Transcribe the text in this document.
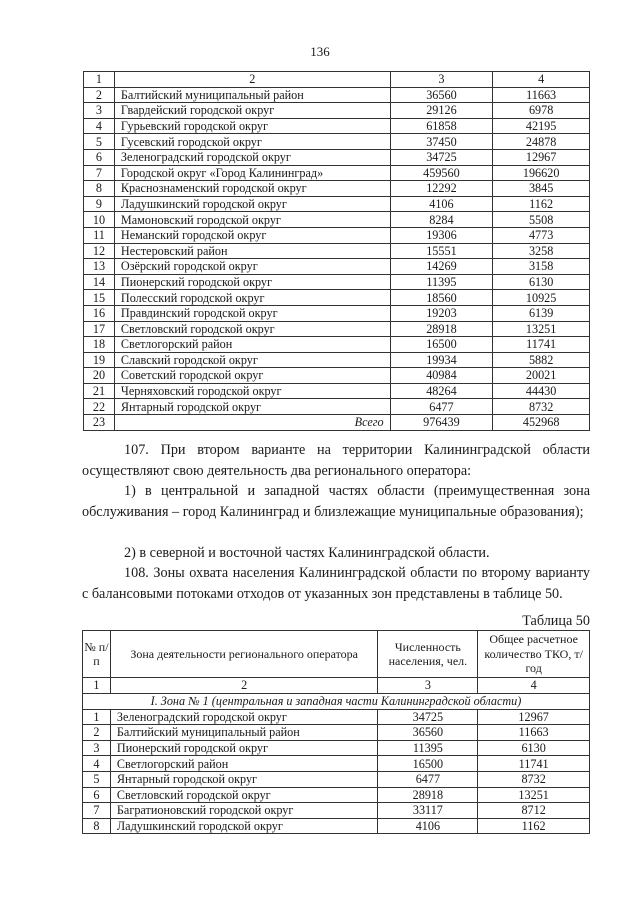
136
1	2	3	4
2	Балтийский муниципальный район	36560	11663
3	Гвардейский городской округ	29126	6978
4	Гурьевский городской округ	61858	42195
5	Гусевский городской округ	37450	24878
6	Зеленоградский городской округ	34725	12967
7	Городской округ «Город Калининград»	459560	196620
8	Краснознаменский городской округ	12292	3845
9	Ладушкинский городской округ	4106	1162
10	Мамоновский городской округ	8284	5508
11	Неманский городской округ	19306	4773
12	Нестеровский район	15551	3258
13	Озёрский городской округ	14269	3158
14	Пионерский городской округ	11395	6130
15	Полесский городской округ	18560	10925
16	Правдинский городской округ	19203	6139
17	Светловский городской округ	28918	13251
18	Светлогорский район	16500	11741
19	Славский городской округ	19934	5882
20	Советский городской округ	40984	20021
21	Черняховский городской округ	48264	44430
22	Янтарный городской округ	6477	8732
23	Всего	976439	452968
107. При втором варианте на территории Калининградской области осуществляют свою деятельность два регионального оператора:
1) в центральной и западной частях области (преимущественная зона обслуживания – город Калининград и близлежащие муниципальные образования);
2) в северной и восточной частях Калининградской области.
108. Зоны охвата населения Калининградской области по второму варианту с балансовыми потоками отходов от указанных зон представлены в таблице 50.
Таблица 50
№ п/п	Зона деятельности регионального оператора	Численность населения, чел.	Общее расчетное количество ТКО, т/год
1	2	3	4
I. Зона № 1 (центральная и западная части Калининградской области)			
1	Зеленоградский городской округ	34725	12967
2	Балтийский муниципальный район	36560	11663
3	Пионерский городской округ	11395	6130
4	Светлогорский район	16500	11741
5	Янтарный городской округ	6477	8732
6	Светловский городской округ	28918	13251
7	Багратионовский городской округ	33117	8712
8	Ладушкинский городской округ	4106	1162
